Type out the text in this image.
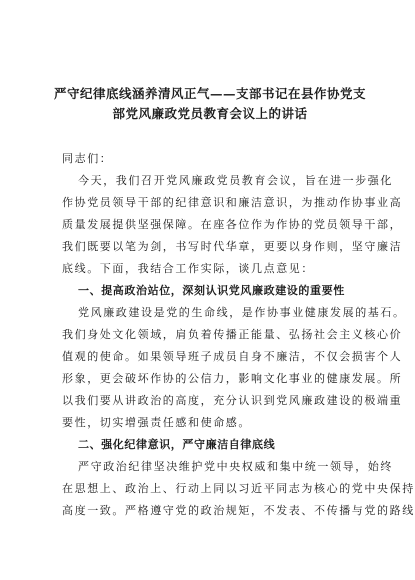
严守纪律底线涵养清风正气——支部书记在县作协党支
部党风廉政党员教育会议上的讲话
同志们：
今天，我们召开党风廉政党员教育会议，旨在进一步强化
作协党员领导干部的纪律意识和廉洁意识，为推动作协事业高
质量发展提供坚强保障。在座各位作为作协的党员领导干部，
我们既要以笔为剑，书写时代华章，更要以身作则，坚守廉洁
底线。下面，我结合工作实际，谈几点意见：
一、提高政治站位，深刻认识党风廉政建设的重要性
党风廉政建设是党的生命线，是作协事业健康发展的基石。
我们身处文化领域，肩负着传播正能量、弘扬社会主义核心价
值观的使命。如果领导班子成员自身不廉洁，不仅会损害个人
形象，更会破坏作协的公信力，影响文化事业的健康发展。所
以我们要从讲政治的高度，充分认识到党风廉政建设的极端重
要性，切实增强责任感和使命感。
二、强化纪律意识，严守廉洁自律底线
严守政治纪律坚决维护党中央权威和集中统一领导，始终
在思想上、政治上、行动上同以习近平同志为核心的党中央保持
高度一致。严格遵守党的政治规矩，不发表、不传播与党的路线
